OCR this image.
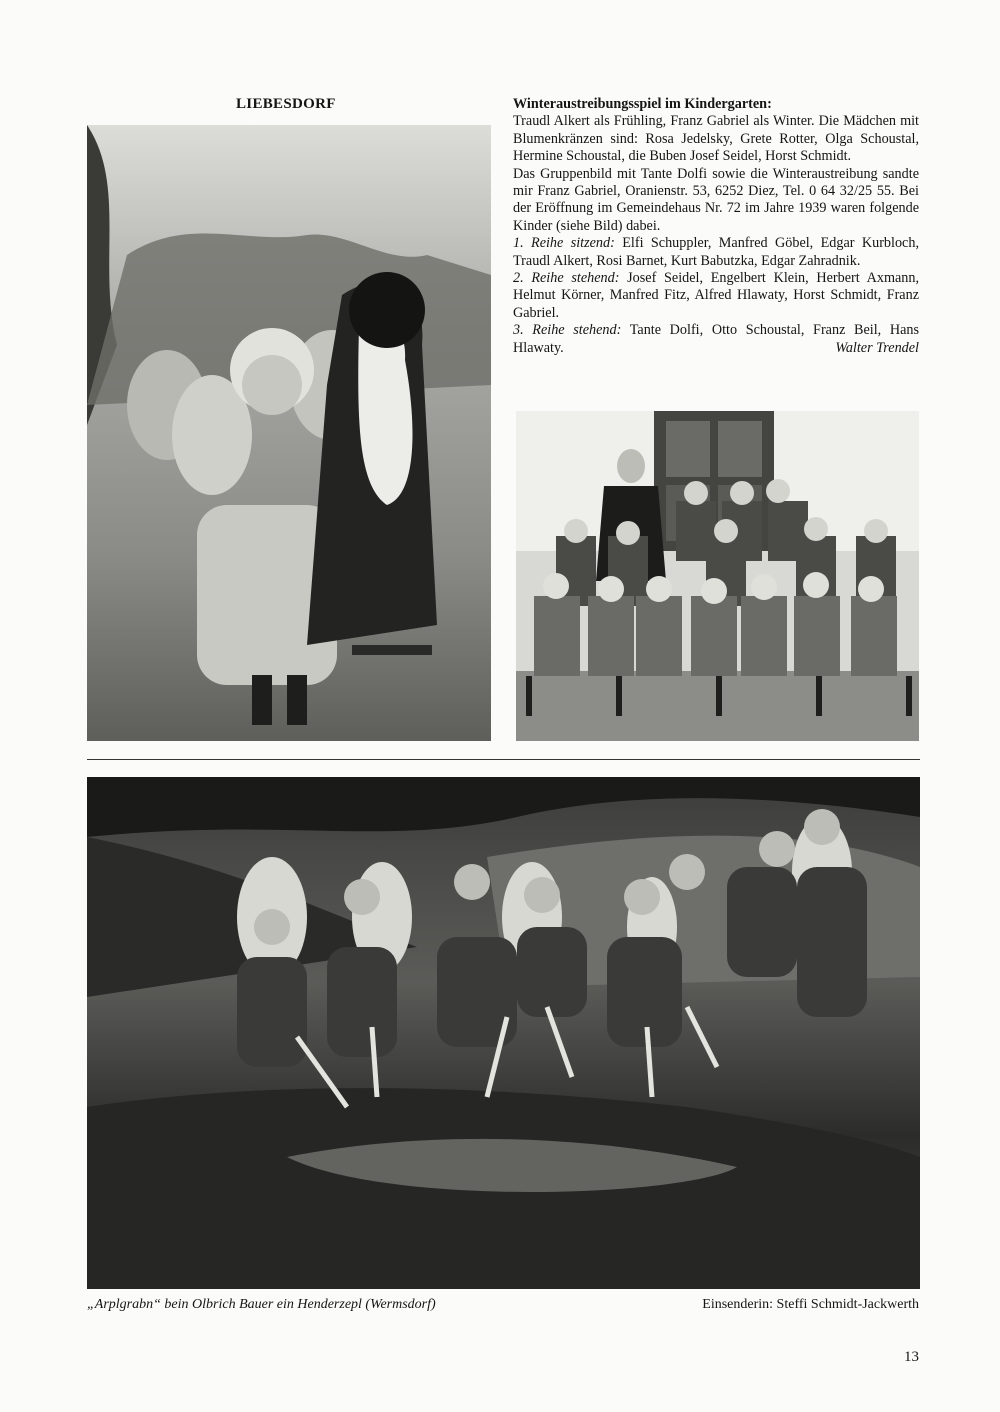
LIEBESDORF	Winteraustreibungsspiel im Kindergarten:

Traudl Alkert als Frühling, Franz Gabriel als Winter. Die Mädchen mit Blumenkränzen sind: Rosa Jedelsky, Grete Rotter, Olga Schoustal, Hermine Schoustal, die Buben Josef Seidel, Horst Schmidt.

Das Gruppenbild mit Tante Dolfi sowie die Winteraustreibung sandte mir Franz Gabriel, Oranienstr. 53, 6252 Diez, Tel. 0 64 32/25 55. Bei der Eröffnung im Gemeindehaus Nr. 72 im Jahre 1939 waren folgende Kinder (siehe Bild) dabei.

1. Reihe sitzend: Elfi Schuppler, Manfred Göbel, Edgar Kurbloch, Traudl Alkert, Rosi Barnet, Kurt Babutzka, Edgar Zahradnik.

2. Reihe stehend: Josef Seidel, Engelbert Klein, Herbert Axmann, Helmut Körner, Manfred Fitz, Alfred Hlawaty, Horst Schmidt, Franz Gabriel.

3. Reihe stehend: Tante Dolfi, Otto Schoustal, Franz Beil, Hans Hlawaty.	Walter Trendel

„Arplgrabn“ bein Olbrich Bauer ein Henderzepl (Wermsdorf)	Einsenderin: Steffi Schmidt-Jackwerth
13
